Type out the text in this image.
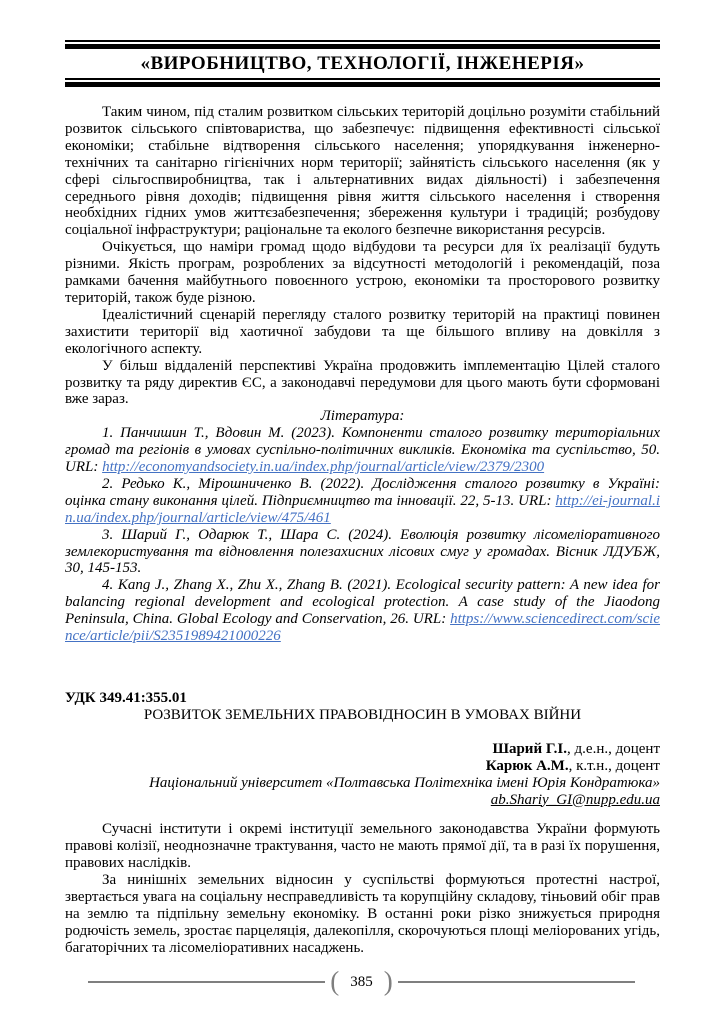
«ВИРОБНИЦТВО, ТЕХНОЛОГІЇ, ІНЖЕНЕРІЯ»

Таким чином, під сталим розвитком сільських територій доцільно розуміти стабільний розвиток сільського співтовариства, що забезпечує: підвищення ефективності сільської економіки; стабільне відтворення сільського населення; упорядкування інженерно-технічних та санітарно гігієнічних норм території; зайнятість сільського населення (як у сфері сільгоспвиробництва, так і альтернативних видах діяльності) і забезпечення середнього рівня доходів; підвищення рівня життя сільського населення і створення необхідних гідних умов життєзабезпечення; збереження культури і традицій; розбудову соціальної інфраструктури; раціональне та еколого безпечне використання ресурсів.

Очікується, що наміри громад щодо відбудови та ресурси для їх реалізації будуть різними. Якість програм, розроблених за відсутності методологій і рекомендацій, поза рамками бачення майбутнього повоєнного устрою, економіки та просторового розвитку територій, також буде різною.

Ідеалістичний сценарій перегляду сталого розвитку територій на практиці повинен захистити території від хаотичної забудови та ще більшого впливу на довкілля з екологічного аспекту.

У більш віддаленій перспективі Україна продовжить імплементацію Цілей сталого розвитку та ряду директив ЄС, а законодавчі передумови для цього мають бути сформовані вже зараз.

Література:

1. Панчишин Т., Вдовин М. (2023). Компоненти сталого розвитку територіальних громад та регіонів в умовах суспільно-політичних викликів. Економіка та суспільство, 50. URL: http://economyandsociety.in.ua/index.php/journal/article/view/2379/2300

2. Редько К., Мірошниченко В. (2022). Дослідження сталого розвитку в Україні: оцінка стану виконання цілей. Підприємництво та інновації. 22, 5-13. URL: http://ei-journal.in.ua/index.php/journal/article/view/475/461

3. Шарий Г., Одарюк Т., Шара С. (2024). Еволюція розвитку лісомеліоративного землекористування та відновлення полезахисних лісових смуг у громадах. Вісник ЛДУБЖ, 30, 145-153.

4. Kang J., Zhang X., Zhu X., Zhang B. (2021). Ecological security pattern: A new idea for balancing regional development and ecological protection. A case study of the Jiaodong Peninsula, China. Global Ecology and Conservation, 26. URL: https://www.sciencedirect.com/science/article/pii/S2351989421000226

УДК 349.41:355.01

РОЗВИТОК ЗЕМЕЛЬНИХ ПРАВОВІДНОСИН В УМОВАХ ВІЙНИ

Шарий Г.І., д.е.н., доцент

Карюк А.М., к.т.н., доцент

Національний університет «Полтавська Політехніка імені Юрія Кондратюка»

ab.Shariy_GI@nupp.edu.ua

Сучасні інститути і окремі інституції земельного законодавства України формують правові колізії, неоднозначне трактування, часто не мають прямої дії, та в разі їх порушення, правових наслідків.

За нинішніх земельних відносин у суспільстві формуються протестні настрої, звертається увага на соціальну несправедливість та корупційну складову, тіньовий обіг прав на землю та підпільну земельну економіку. В останні роки різко знижується природня родючість земель, зростає парцеляція, далекопілля, скорочуються площі меліорованих угідь, багаторічних та лісомеліоративних насаджень.

( 385 )
